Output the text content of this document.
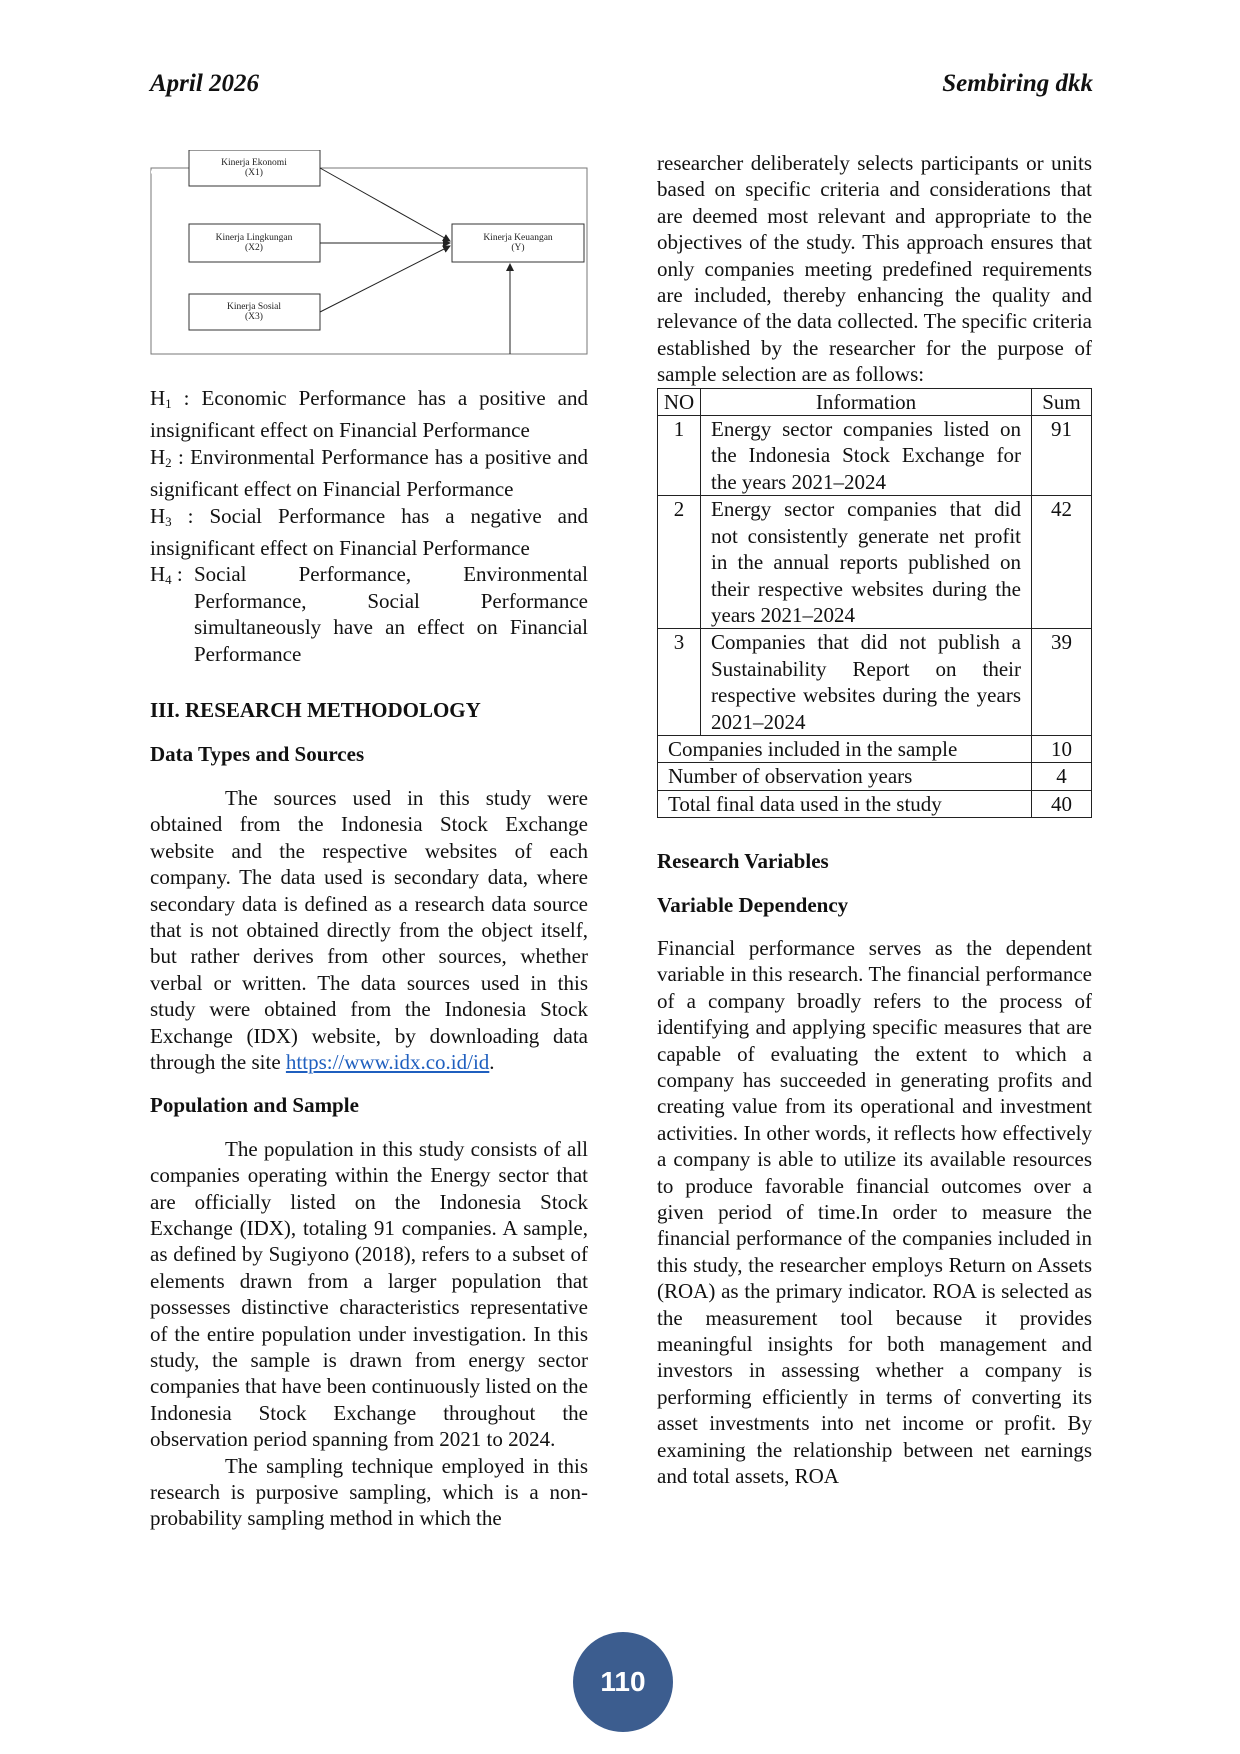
April 2026	Sembiring dkk
Kinerja Ekonomi
(X1)
Kinerja Lingkungan
(X2)
Kinerja Sosial
(X3)
Kinerja Keuangan
(Y)

$H_1$ : Economic Performance has a positive and insignificant effect on Financial Performance

$H_2$ : Environmental Performance has a positive and significant effect on Financial Performance

$H_3$ : Social Performance has a negative and insignificant effect on Financial Performance

$H_4$ : Social Performance, Environmental Performance, Social Performance simultaneously have an effect on Financial Performance

III. RESEARCH METHODOLOGY

Data Types and Sources

The sources used in this study were obtained from the Indonesia Stock Exchange website and the respective websites of each company. The data used is secondary data, where secondary data is defined as a research data source that is not obtained directly from the object itself, but rather derives from other sources, whether verbal or written. The data sources used in this study were obtained from the Indonesia Stock Exchange (IDX) website, by downloading data through the site https://www.idx.co.id/id.

Population and Sample

The population in this study consists of all companies operating within the Energy sector that are officially listed on the Indonesia Stock Exchange (IDX), totaling 91 companies. A sample, as defined by Sugiyono (2018), refers to a subset of elements drawn from a larger population that possesses distinctive characteristics representative of the entire population under investigation. In this study, the sample is drawn from energy sector companies that have been continuously listed on the Indonesia Stock Exchange throughout the observation period spanning from 2021 to 2024.

The sampling technique employed in this research is purposive sampling, which is a non-probability sampling method in which the

researcher deliberately selects participants or units based on specific criteria and considerations that are deemed most relevant and appropriate to the objectives of the study. This approach ensures that only companies meeting predefined requirements are included, thereby enhancing the quality and relevance of the data collected. The specific criteria established by the researcher for the purpose of sample selection are as follows:

NO	Information	Sum
1	Energy sector companies listed on the Indonesia Stock Exchange for the years 2021–2024	91
2	Energy sector companies that did not consistently generate net profit in the annual reports published on their respective websites during the years 2021–2024	42
3	Companies that did not publish a Sustainability Report on their respective websites during the years 2021–2024	39
Companies included in the sample		10
Number of observation years		4
Total final data used in the study		40

Research Variables

Variable Dependency

Financial performance serves as the dependent variable in this research. The financial performance of a company broadly refers to the process of identifying and applying specific measures that are capable of evaluating the extent to which a company has succeeded in generating profits and creating value from its operational and investment activities. In other words, it reflects how effectively a company is able to utilize its available resources to produce favorable financial outcomes over a given period of time.In order to measure the financial performance of the companies included in this study, the researcher employs Return on Assets (ROA) as the primary indicator. ROA is selected as the measurement tool because it provides meaningful insights for both management and investors in assessing whether a company is performing efficiently in terms of converting its asset investments into net income or profit. By examining the relationship between net earnings and total assets, ROA

110
